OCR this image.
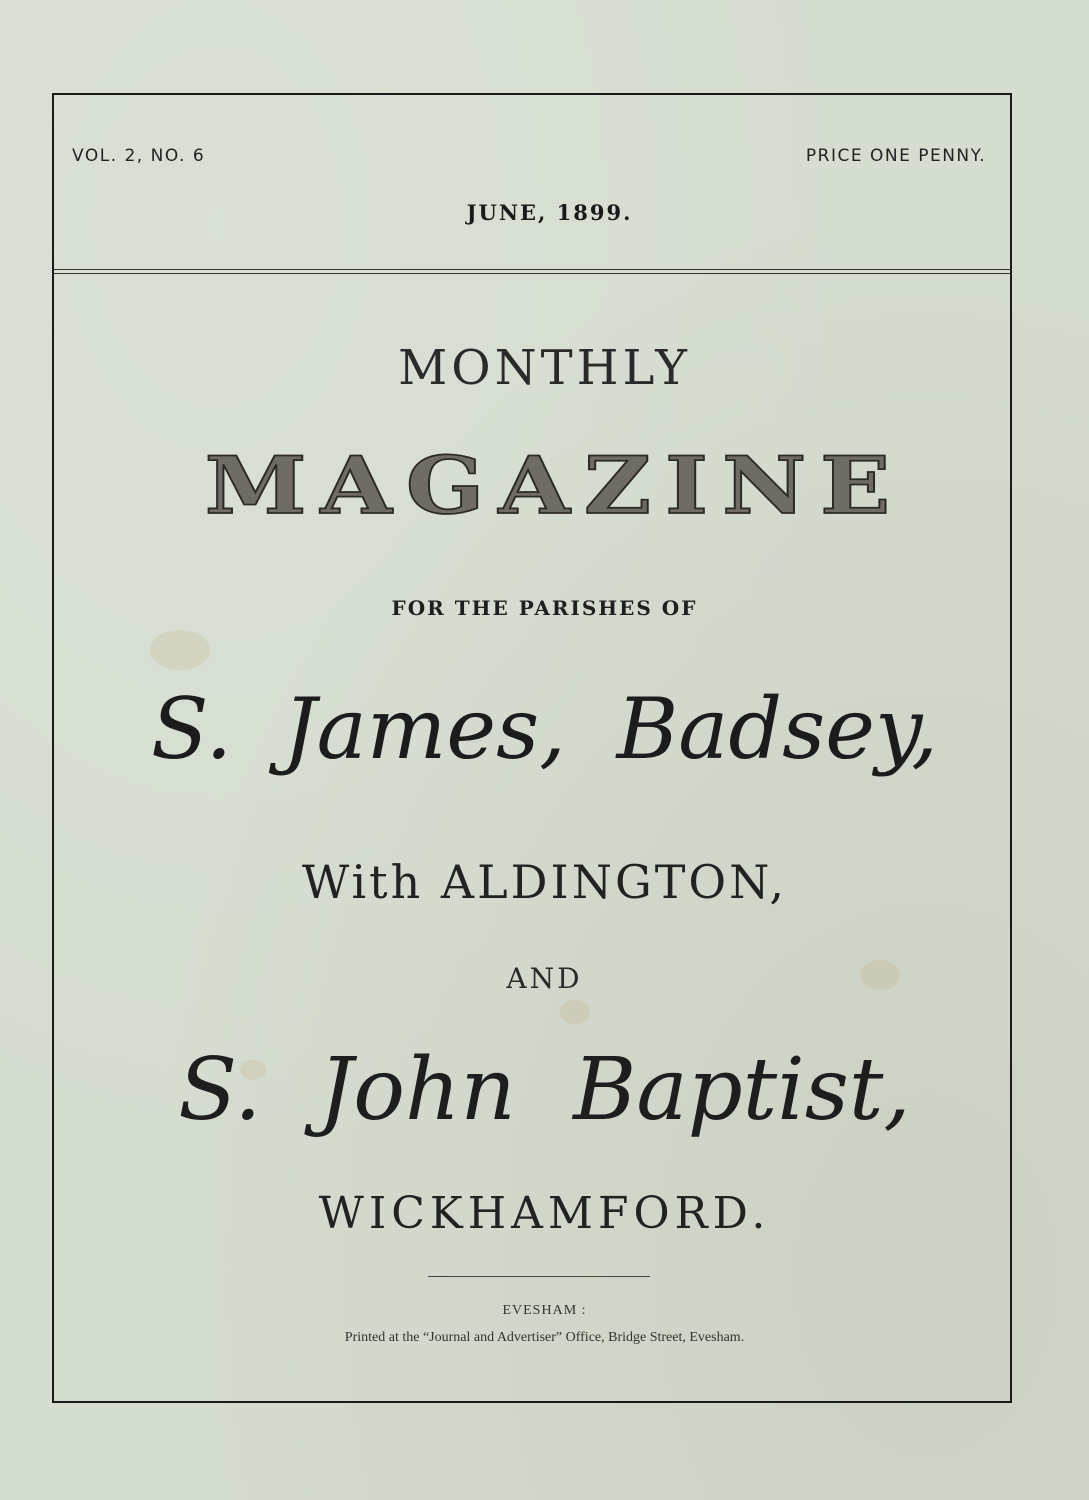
VOL. 2, NO. 6	PRICE ONE PENNY.
JUNE, 1899.
MONTHLY
MAGAZINE
FOR THE PARISHES OF
S. James, Badsey,
With ALDINGTON,
AND
S. John Baptist,
WICKHAMFORD.
EVESHAM :
Printed at the “Journal and Advertiser” Office, Bridge Street, Evesham.
